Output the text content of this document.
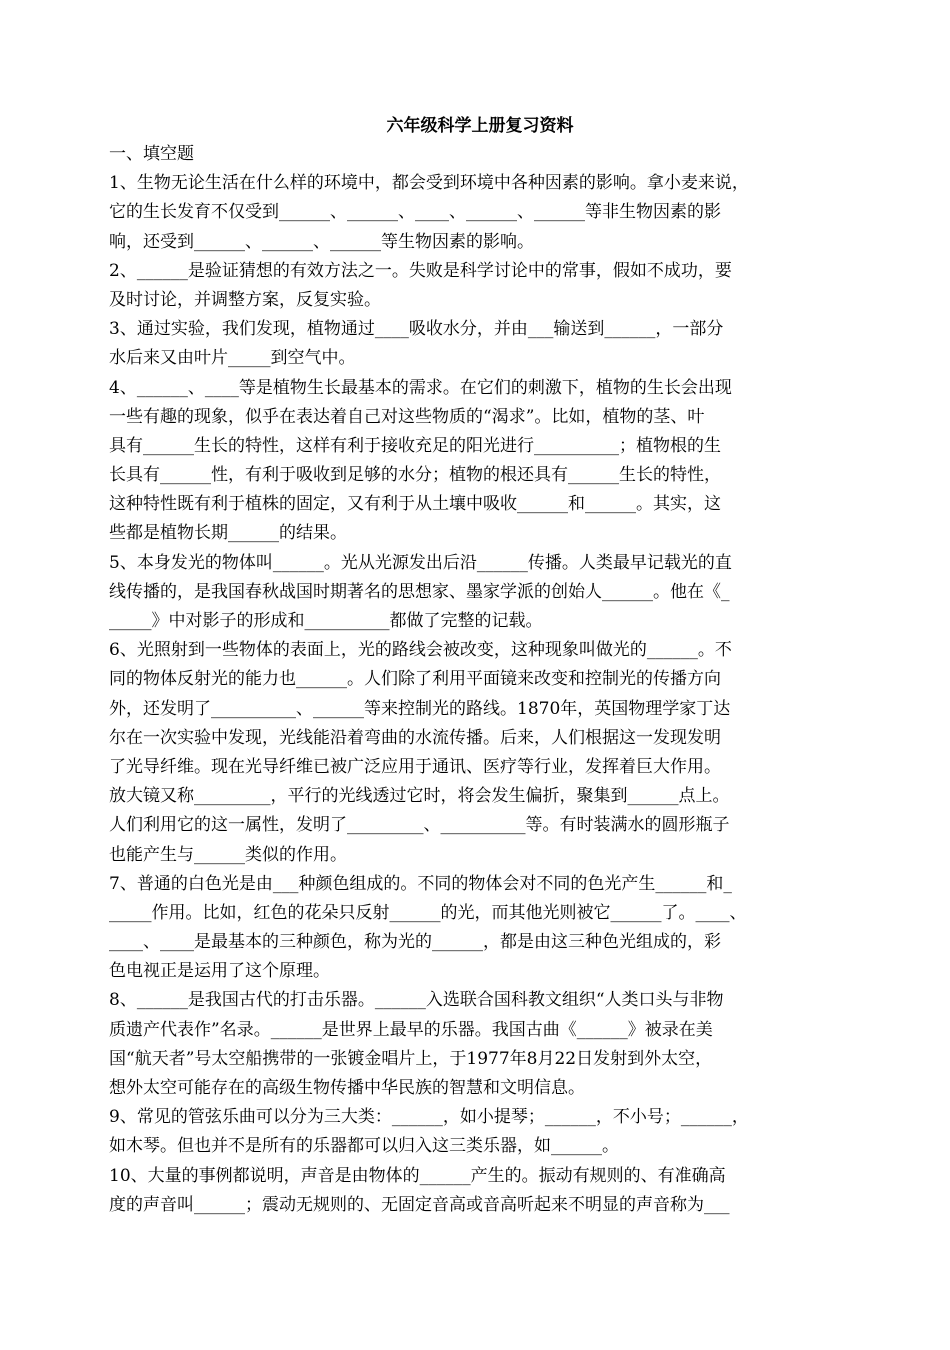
六年级科学上册复习资料
一、填空题
1、生物无论生活在什么样的环境中，都会受到环境中各种因素的影响。拿小麦来说，
它的生长发育不仅受到______、______、____、______、______等非生物因素的影
响，还受到______、______、______等生物因素的影响。
2、______是验证猜想的有效方法之一。失败是科学讨论中的常事，假如不成功，要
及时讨论，并调整方案，反复实验。
3、通过实验，我们发现，植物通过____吸收水分，并由___输送到______，一部分
水后来又由叶片_____到空气中。
4、______、____等是植物生长最基本的需求。在它们的刺激下，植物的生长会出现
一些有趣的现象，似乎在表达着自己对这些物质的“渴求”。比如，植物的茎、叶
具有______生长的特性，这样有利于接收充足的阳光进行__________；植物根的生
长具有______性，有利于吸收到足够的水分；植物的根还具有______生长的特性，
这种特性既有利于植株的固定，又有利于从土壤中吸收______和______。其实，这
些都是植物长期______的结果。
5、本身发光的物体叫______。光从光源发出后沿______传播。人类最早记载光的直
线传播的，是我国春秋战国时期著名的思想家、墨家学派的创始人______。他在《_
_____》中对影子的形成和__________都做了完整的记载。
6、光照射到一些物体的表面上，光的路线会被改变，这种现象叫做光的______。不
同的物体反射光的能力也______。人们除了利用平面镜来改变和控制光的传播方向
外，还发明了__________、______等来控制光的路线。1870年，英国物理学家丁达
尔在一次实验中发现，光线能沿着弯曲的水流传播。后来，人们根据这一发现发明
了光导纤维。现在光导纤维已被广泛应用于通讯、医疗等行业，发挥着巨大作用。
放大镜又称_________，平行的光线透过它时，将会发生偏折，聚集到______点上。
人们利用它的这一属性，发明了_________、__________等。有时装满水的圆形瓶子
也能产生与______类似的作用。
7、普通的白色光是由___种颜色组成的。不同的物体会对不同的色光产生______和_
_____作用。比如，红色的花朵只反射______的光，而其他光则被它______了。____、
____、____是最基本的三种颜色，称为光的______，都是由这三种色光组成的，彩
色电视正是运用了这个原理。
8、______是我国古代的打击乐器。______入选联合国科教文组织“人类口头与非物
质遗产代表作”名录。______是世界上最早的乐器。我国古曲《______》被录在美
国“航天者”号太空船携带的一张镀金唱片上，于1977年8月22日发射到外太空，
想外太空可能存在的高级生物传播中华民族的智慧和文明信息。
9、常见的管弦乐曲可以分为三大类：______，如小提琴；______，不小号；______，
如木琴。但也并不是所有的乐器都可以归入这三类乐器，如______。
10、大量的事例都说明，声音是由物体的______产生的。振动有规则的、有准确高
度的声音叫______；震动无规则的、无固定音高或音高听起来不明显的声音称为___
